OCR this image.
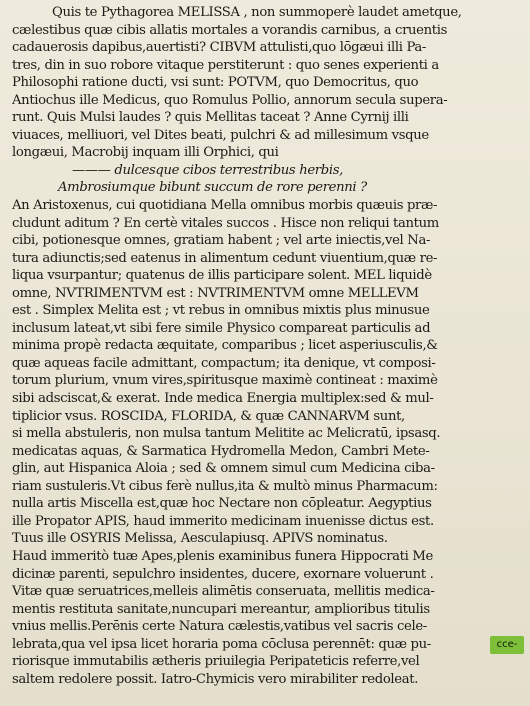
Quis te Pythagorea MELISSA , non summoperè laudet ametque,
cælestibus quæ cibis allatis mortales a vorandis carnibus, a cruentis
cadauerosis dapibus,auertisti? CIBVM attulisti,quo lōgæui illi Pa-
tres, din in suo robore vitaque perstiterunt : quo senes experienti a
Philosophi ratione ducti, vsi sunt: POTVM, quo Democritus, quo
Antiochus ille Medicus, quo Romulus Pollio, annorum secula supera-
runt. Quis Mulsi laudes ? quis Mellitas taceat ? Anne Cyrnij illi
viuaces, melliuori, vel Dites beati, pulchri & ad millesimum vsque
longæui, Macrobij inquam illi Orphici, qui
——— dulcesque cibos terrestribus herbis,
Ambrosiumque bibunt succum de rore perenni ?
An Aristoxenus, cui quotidiana Mella omnibus morbis quæuis præ-
cludunt aditum ? En certè vitales succos . Hisce non reliqui tantum
cibi, potionesque omnes, gratiam habent ; vel arte iniectis,vel Na-
tura adiunctis;sed eatenus in alimentum cedunt viuentium,quæ re-
liqua vsurpantur; quatenus de illis participare solent. MEL liquidè
omne, NVTRIMENTVM est : NVTRIMENTVM omne MELLEVM
est . Simplex Melita est ; vt rebus in omnibus mixtis plus minusue
inclusum lateat,vt sibi fere simile Physico compareat particulis ad
minima propè redacta æquitate, comparibus ; licet asperiusculis,&
quæ aqueas facile admittant, compactum; ita denique, vt composi-
torum plurium, vnum vires,spiritusque maximè contineat : maximè
sibi adsciscat,& exerat. Inde medica Energia multiplex:sed & mul-
tiplicior vsus. ROSCIDA, FLORIDA, & quæ CANNARVM sunt,
si mella abstuleris, non mulsa tantum Melitite ac Melicratū, ipsasq.
medicatas aquas, & Sarmatica Hydromella Medon, Cambri Mete-
glin, aut Hispanica Aloia ; sed & omnem simul cum Medicina ciba-
riam sustuleris.Vt cibus ferè nullus,ita & multò minus Pharmacum:
nulla artis Miscella est,quæ hoc Nectare non cōpleatur. Aegyptius
ille Propator APIS, haud immerito medicinam inuenisse dictus est.
Tuus ille OSYRIS Melissa, Aesculapiusq. APIVS nominatus.
Haud immeritò tuæ Apes,plenis examinibus funera Hippocrati Me
dicinæ parenti, sepulchro insidentes, ducere, exornare voluerunt .
Vitæ quæ seruatrices,melleis alimētis conseruata, mellitis medica-
mentis restituta sanitate,nuncupari mereantur, amplioribus titulis
vnius mellis.Perēnis certe Natura cælestis,vatibus vel sacris cele-
lebrata,qua vel ipsa licet horaria poma cōclusa perennēt: quæ pu-
riorisque immutabilis ætheris priuilegia Peripateticis referre,vel
saltem redolere possit. Iatro-Chymicis vero mirabiliter redoleat.
cce-
